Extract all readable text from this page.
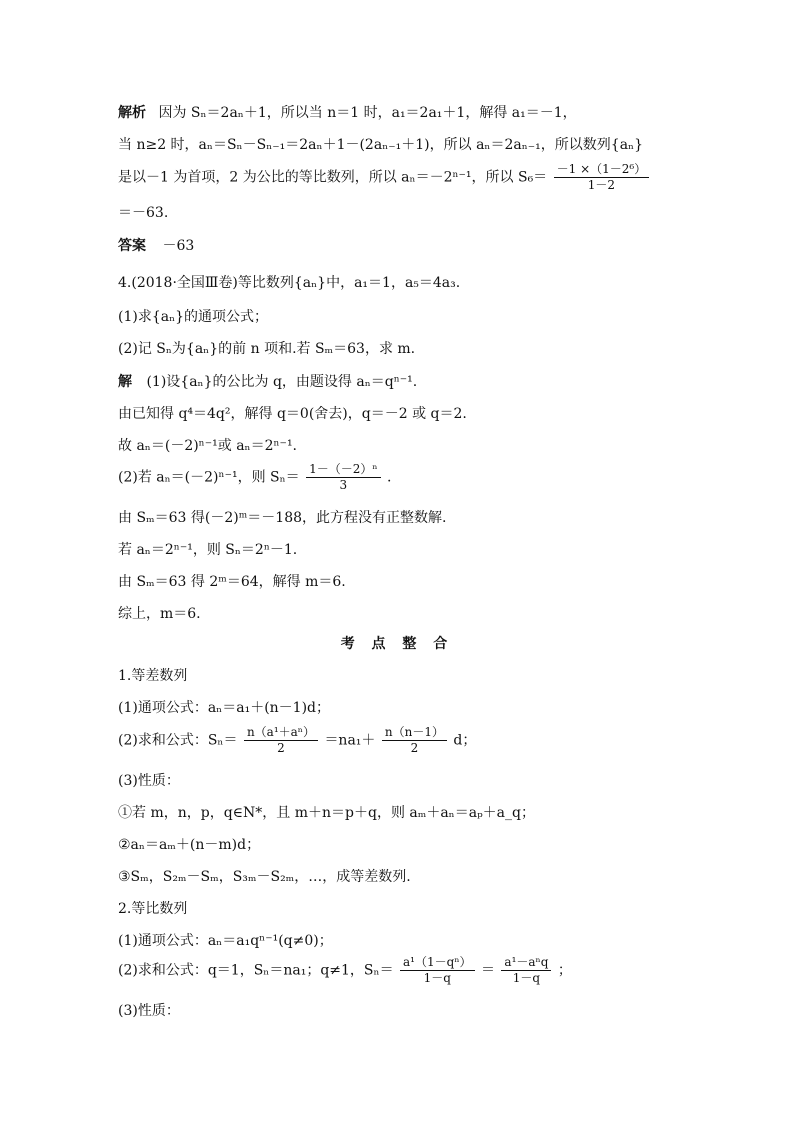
解析 因为 Sₙ＝2aₙ＋1，所以当 n＝1 时，a₁＝2a₁＋1，解得 a₁＝－1，
当 n≥2 时，aₙ＝Sₙ－Sₙ₋₁＝2aₙ＋1－(2aₙ₋₁＋1)，所以 aₙ＝2aₙ₋₁，所以数列{aₙ}
是以－1 为首项，2 为公比的等比数列，所以 aₙ＝－2ⁿ⁻¹，所以 $S_6= \frac{\text{－1 ×（1－2⁶）}}{1-2}$
＝－63.
答案 －63
4.(2018·全国Ⅲ卷)等比数列{aₙ}中，a₁＝1，a₅＝4a₃.
(1)求{aₙ}的通项公式；
(2)记 Sₙ为{aₙ}的前 n 项和.若 Sₘ＝63，求 m.
解 (1)设{aₙ}的公比为 q，由题设得 aₙ＝qⁿ⁻¹.
由已知得 q⁴＝4q²，解得 q＝0(舍去)，q＝－2 或 q＝2.
故 aₙ＝(－2)ⁿ⁻¹或 aₙ＝2ⁿ⁻¹.
(2)若 aₙ＝(－2)ⁿ⁻¹，则 $S_n= \frac{\text{1－（－2）ⁿ}}{3}$ .
由 Sₘ＝63 得(－2)ᵐ＝－188，此方程没有正整数解.
若 aₙ＝2ⁿ⁻¹，则 Sₙ＝2ⁿ－1.
由 Sₘ＝63 得 2ᵐ＝64，解得 m＝6.
综上，m＝6.
考 点 整 合
1.等差数列
(1)通项公式：aₙ＝a₁＋(n－1)d；
(2)求和公式：$S_n= \frac{\text{n（a¹＋aⁿ）}}{2} =na_1+ \frac{n(n-1)}{2}$ d；
(3)性质：
①若 m，n，p，q∈N*，且 m＋n＝p＋q，则 aₘ＋aₙ＝aₚ＋a_q；
②aₙ＝aₘ＋(n－m)d；
③Sₘ，S₂ₘ－Sₘ，S₃ₘ－S₂ₘ，…，成等差数列.
2.等比数列
(1)通项公式：aₙ＝a₁qⁿ⁻¹(q≠0)；
(2)求和公式：q＝1，Sₙ＝na₁；q≠1，$S_n= \frac{\text{a¹（1－qⁿ）}}{1-q} = \frac{\text{a¹－aⁿq}}{1-q}$ ；
(3)性质：
